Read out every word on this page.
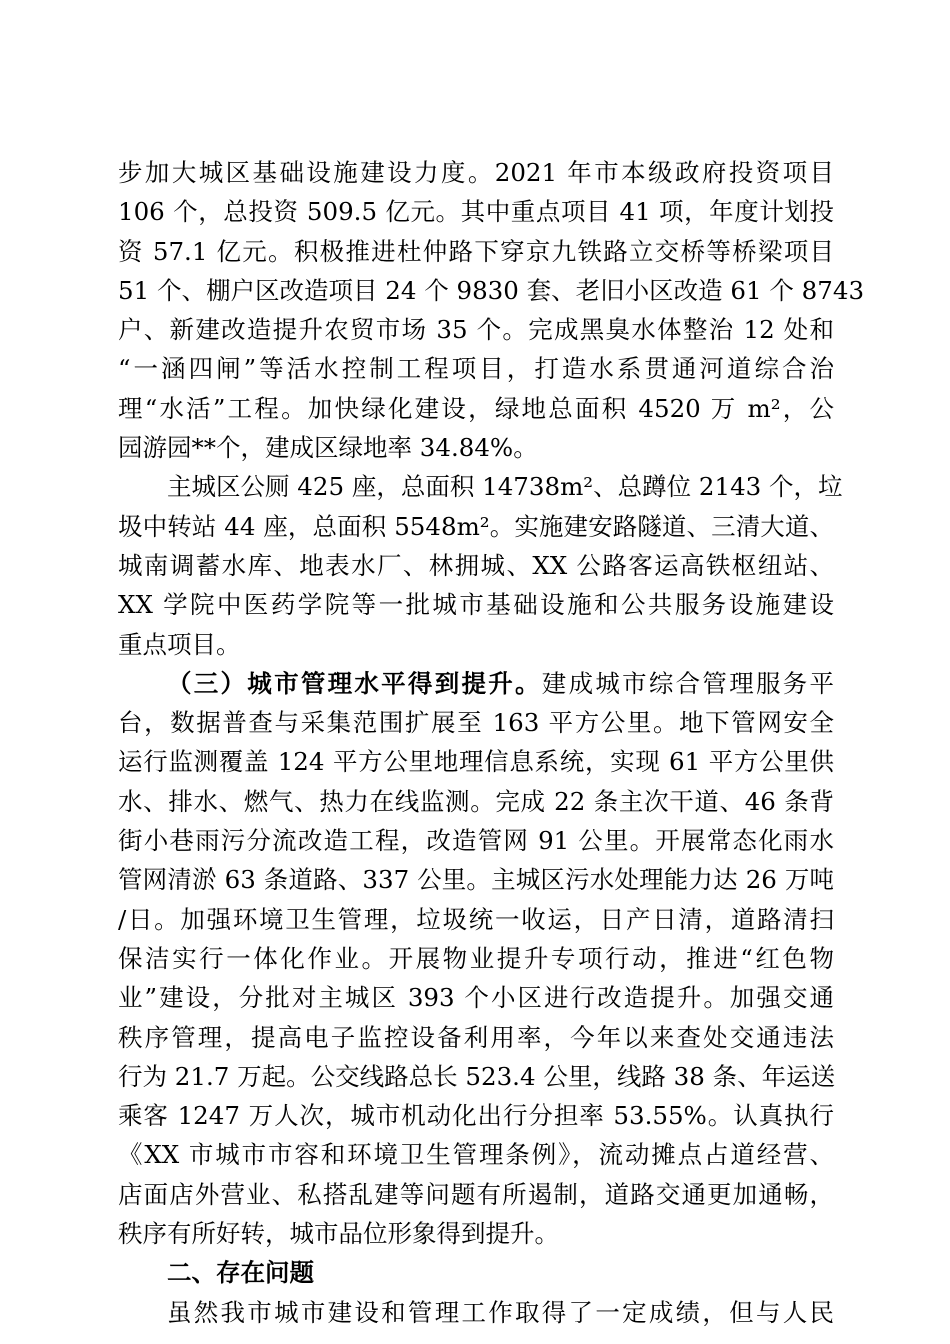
步加大城区基础设施建设力度。2021 年市本级政府投资项目
106 个，总投资 509.5 亿元。其中重点项目 41 项，年度计划投
资 57.1 亿元。积极推进杜仲路下穿京九铁路立交桥等桥梁项目
51 个、棚户区改造项目 24 个 9830 套、老旧小区改造 61 个 8743
户、新建改造提升农贸市场 35 个。完成黑臭水体整治 12 处和
“一涵四闸”等活水控制工程项目，打造水系贯通河道综合治
理“水活”工程。加快绿化建设，绿地总面积 4520 万 m²，公
园游园**个，建成区绿地率 34.84%。
主城区公厕 425 座，总面积 14738m²、总蹲位 2143 个，垃
圾中转站 44 座，总面积 5548m²。实施建安路隧道、三清大道、
城南调蓄水库、地表水厂、林拥城、XX 公路客运高铁枢纽站、
XX 学院中医药学院等一批城市基础设施和公共服务设施建设
重点项目。
（三）城市管理水平得到提升。建成城市综合管理服务平
台，数据普查与采集范围扩展至 163 平方公里。地下管网安全
运行监测覆盖 124 平方公里地理信息系统，实现 61 平方公里供
水、排水、燃气、热力在线监测。完成 22 条主次干道、46 条背
街小巷雨污分流改造工程，改造管网 91 公里。开展常态化雨水
管网清淤 63 条道路、337 公里。主城区污水处理能力达 26 万吨
/日。加强环境卫生管理，垃圾统一收运，日产日清，道路清扫
保洁实行一体化作业。开展物业提升专项行动，推进“红色物
业”建设，分批对主城区 393 个小区进行改造提升。加强交通
秩序管理，提高电子监控设备利用率，今年以来查处交通违法
行为 21.7 万起。公交线路总长 523.4 公里，线路 38 条、年运送
乘客 1247 万人次，城市机动化出行分担率 53.55%。认真执行
《XX 市城市市容和环境卫生管理条例》，流动摊点占道经营、
店面店外营业、私搭乱建等问题有所遏制，道路交通更加通畅，
秩序有所好转，城市品位形象得到提升。
二、存在问题
虽然我市城市建设和管理工作取得了一定成绩，但与人民
